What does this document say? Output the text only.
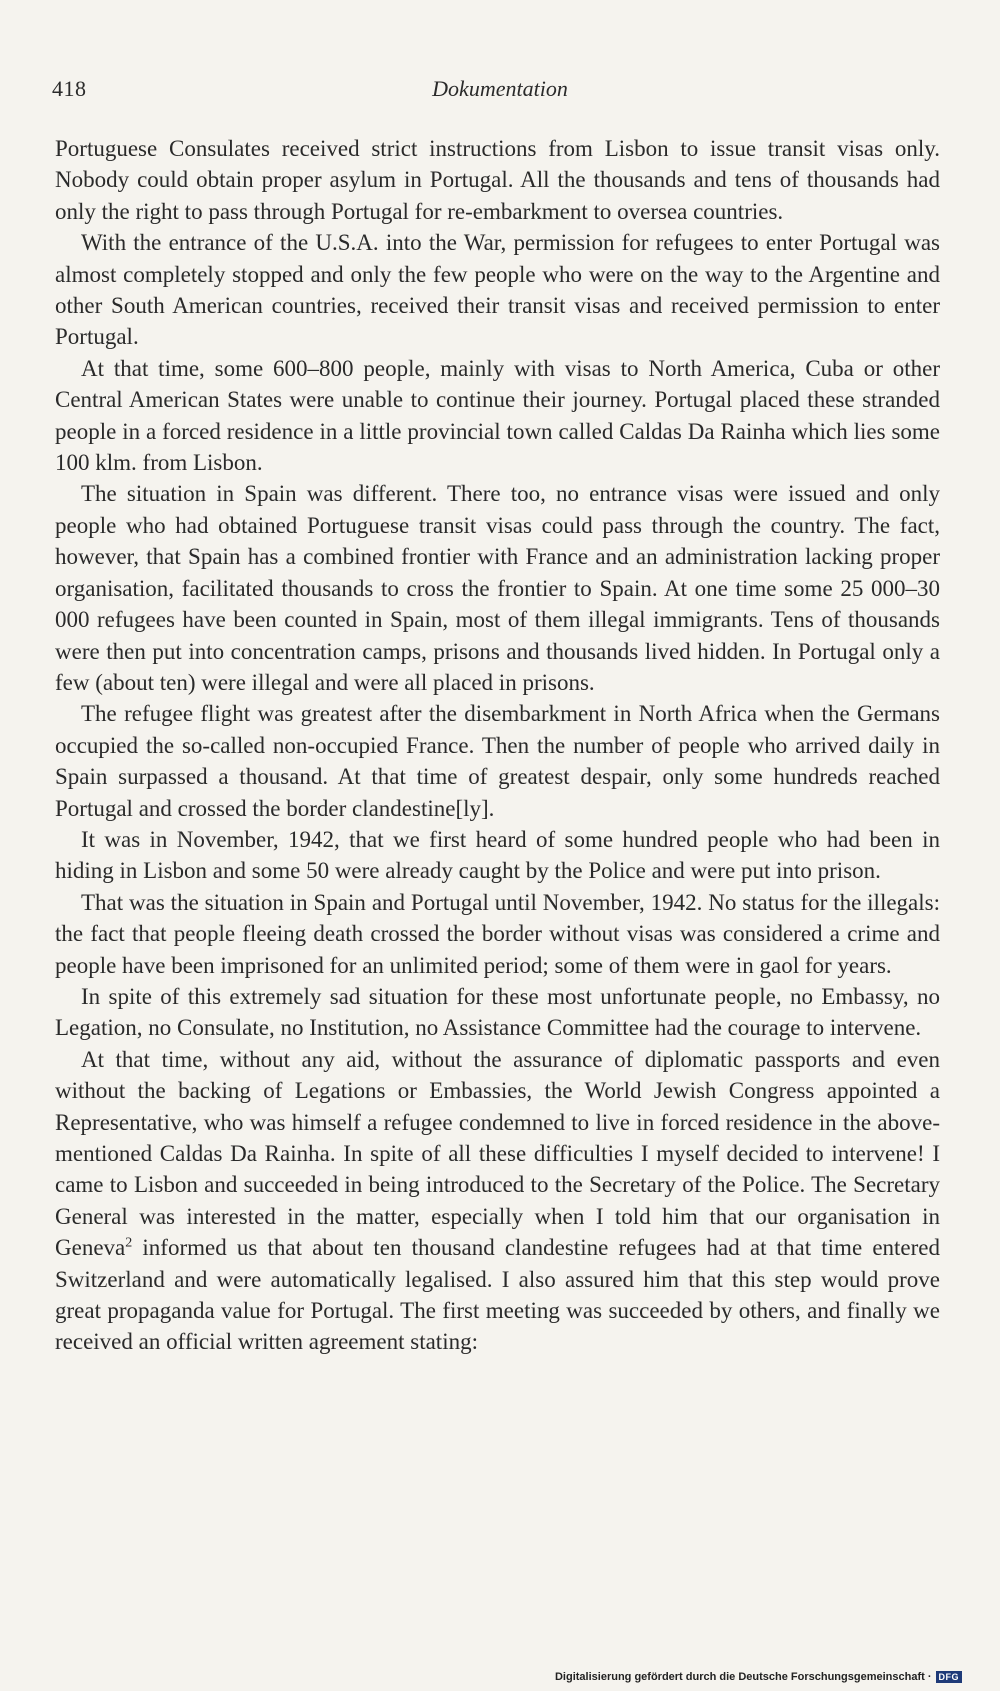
418	Dokumentation

Portuguese Consulates received strict instructions from Lisbon to issue transit visas only. Nobody could obtain proper asylum in Portugal. All the thousands and tens of thousands had only the right to pass through Portugal for re-embarkment to oversea countries.

With the entrance of the U.S.A. into the War, permission for refugees to enter Portugal was almost completely stopped and only the few people who were on the way to the Argentine and other South American countries, received their transit visas and received permission to enter Portugal.

At that time, some 600–800 people, mainly with visas to North America, Cuba or other Central American States were unable to continue their journey. Portugal placed these stranded people in a forced residence in a little provincial town called Caldas Da Rainha which lies some 100 klm. from Lisbon.

The situation in Spain was different. There too, no entrance visas were issued and only people who had obtained Portuguese transit visas could pass through the country. The fact, however, that Spain has a combined frontier with France and an administration lacking proper organisation, facilitated thousands to cross the frontier to Spain. At one time some 25 000–30 000 refugees have been counted in Spain, most of them illegal immigrants. Tens of thousands were then put into concentration camps, prisons and thousands lived hidden. In Portugal only a few (about ten) were illegal and were all placed in prisons.

The refugee flight was greatest after the disembarkment in North Africa when the Germans occupied the so-called non-occupied France. Then the number of people who arrived daily in Spain surpassed a thousand. At that time of greatest despair, only some hundreds reached Portugal and crossed the border clandestine[ly].

It was in November, 1942, that we first heard of some hundred people who had been in hiding in Lisbon and some 50 were already caught by the Police and were put into prison.

That was the situation in Spain and Portugal until November, 1942. No status for the illegals: the fact that people fleeing death crossed the border without visas was considered a crime and people have been imprisoned for an unlimited period; some of them were in gaol for years.

In spite of this extremely sad situation for these most unfortunate people, no Embassy, no Legation, no Consulate, no Institution, no Assistance Committee had the courage to intervene.

At that time, without any aid, without the assurance of diplomatic passports and even without the backing of Legations or Embassies, the World Jewish Congress appointed a Representative, who was himself a refugee condemned to live in forced residence in the above-mentioned Caldas Da Rainha. In spite of all these difficulties I myself decided to intervene! I came to Lisbon and succeeded in being introduced to the Secretary of the Police. The Secretary General was interested in the matter, especially when I told him that our organisation in Geneva$^2$ informed us that about ten thousand clandestine refugees had at that time entered Switzerland and were automatically legalised. I also assured him that this step would prove great propaganda value for Portugal. The first meeting was succeeded by others, and finally we received an official written agreement stating:

Digitalisierung gefördert durch die Deutsche Forschungsgemeinschaft · DFG
